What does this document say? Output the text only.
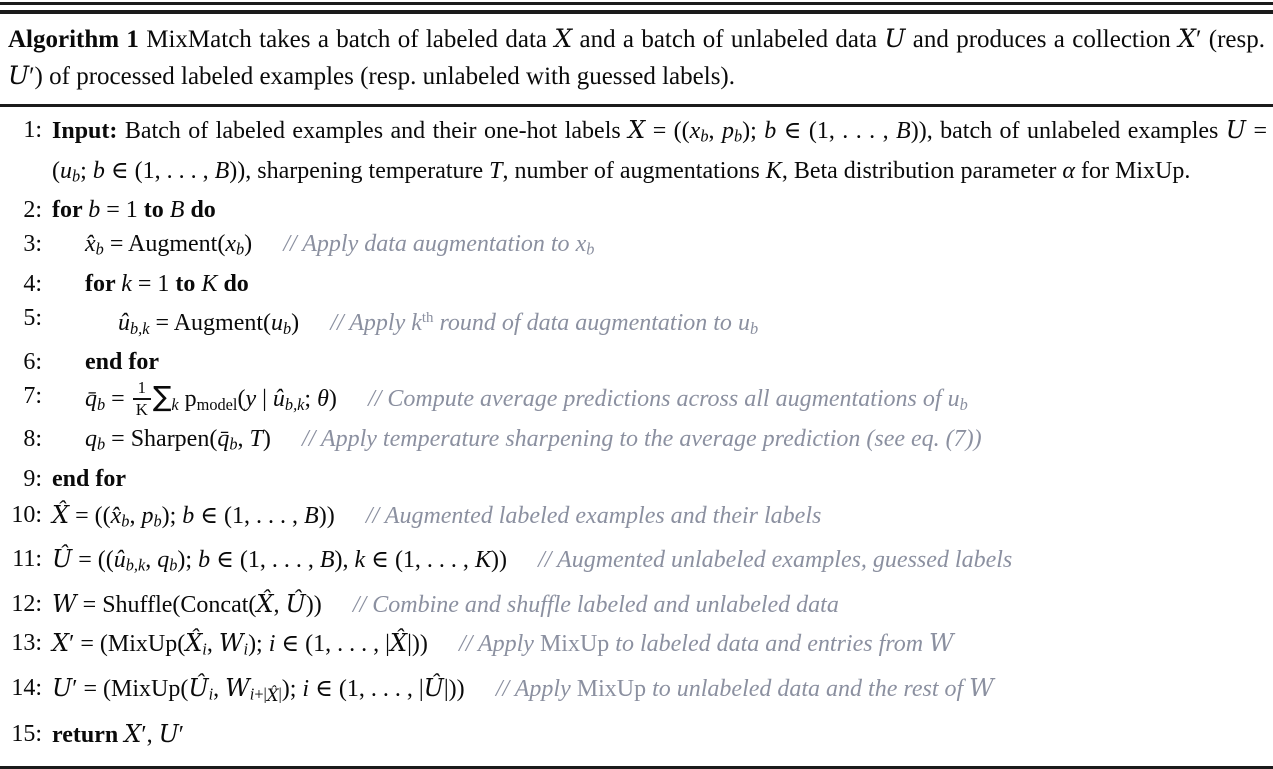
Algorithm 1 MixMatch takes a batch of labeled data X and a batch of unlabeled data U and produces a collection X′ (resp. U′) of processed labeled examples (resp. unlabeled with guessed labels).
1: Input: Batch of labeled examples and their one-hot labels X = ((xb, pb); b ∈ (1, . . . , B)), batch of unlabeled examples U = (ub; b ∈ (1, . . . , B)), sharpening temperature T, number of augmentations K, Beta distribution parameter α for MixUp.
2: for b = 1 to B do
3:	x̂b = Augment(xb) // Apply data augmentation to xb
4:	for k = 1 to K do
5:	ûb,k = Augment(ub) // Apply $k^{th}$ round of data augmentation to ub
6:	end for
7:	q̄b = $\frac{1}{K} \sum k$ pmodel(y | ûb,k; θ) // Compute average predictions across all augmentations of ub
8:	qb = Sharpen(q̄b, T) // Apply temperature sharpening to the average prediction (see eq. (7))
9: end for
10: X̂ = ((x̂b, pb); b ∈ (1, . . . , B)) // Augmented labeled examples and their labels
11: Û = ((ûb,k, qb); b ∈ (1, . . . , B), k ∈ (1, . . . , K)) // Augmented unlabeled examples, guessed labels
12: W = Shuffle(Concat(X̂, Û)) // Combine and shuffle labeled and unlabeled data
13: X′ = (MixUp(X̂i, Wi); i ∈ (1, . . . , |X̂|)) // Apply MixUp to labeled data and entries from W
14: U′ = (MixUp(Ûi, $Wi+|_{X̂}|$); i ∈ (1, . . . , |Û|)) // Apply MixUp to unlabeled data and the rest of W
15: return X′, U′
